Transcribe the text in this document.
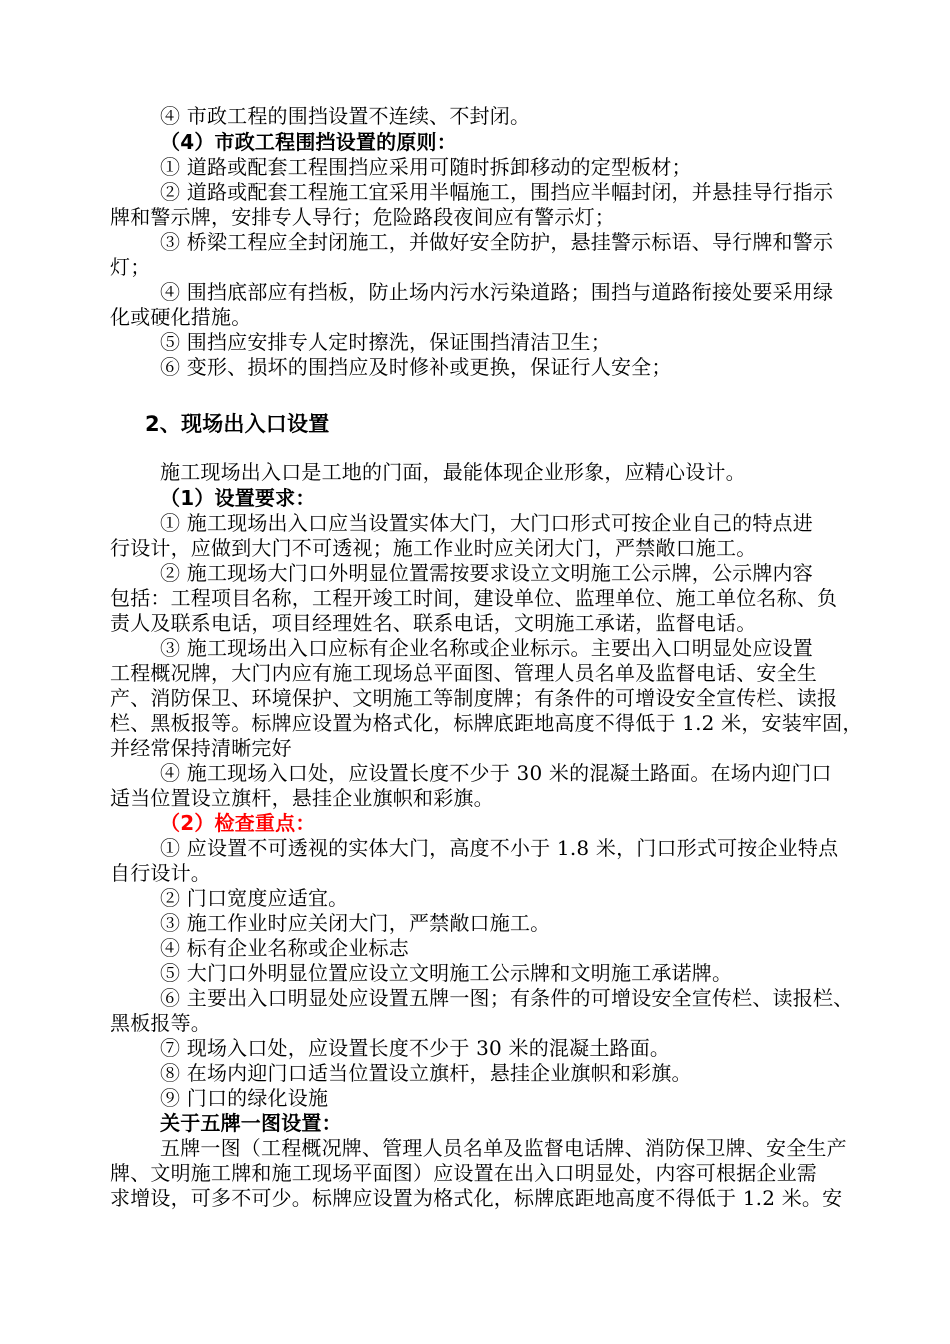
④ 市政工程的围挡设置不连续、不封闭。
（4）市政工程围挡设置的原则：
① 道路或配套工程围挡应采用可随时拆卸移动的定型板材；
② 道路或配套工程施工宜采用半幅施工，围挡应半幅封闭，并悬挂导行指示
牌和警示牌，安排专人导行；危险路段夜间应有警示灯；
③ 桥梁工程应全封闭施工，并做好安全防护，悬挂警示标语、导行牌和警示
灯；
④ 围挡底部应有挡板，防止场内污水污染道路；围挡与道路衔接处要采用绿
化或硬化措施。
⑤ 围挡应安排专人定时擦洗，保证围挡清洁卫生；
⑥ 变形、损坏的围挡应及时修补或更换，保证行人安全；
2、现场出入口设置
施工现场出入口是工地的门面，最能体现企业形象，应精心设计。
（1）设置要求：
① 施工现场出入口应当设置实体大门，大门口形式可按企业自己的特点进
行设计，应做到大门不可透视；施工作业时应关闭大门，严禁敞口施工。
② 施工现场大门口外明显位置需按要求设立文明施工公示牌，公示牌内容
包括：工程项目名称，工程开竣工时间，建设单位、监理单位、施工单位名称、负
责人及联系电话，项目经理姓名、联系电话，文明施工承诺，监督电话。
③ 施工现场出入口应标有企业名称或企业标示。主要出入口明显处应设置
工程概况牌，大门内应有施工现场总平面图、管理人员名单及监督电话、安全生
产、消防保卫、环境保护、文明施工等制度牌；有条件的可增设安全宣传栏、读报
栏、黑板报等。标牌应设置为格式化，标牌底距地高度不得低于 1.2 米，安装牢固，
并经常保持清晰完好
④ 施工现场入口处，应设置长度不少于 30 米的混凝土路面。在场内迎门口
适当位置设立旗杆，悬挂企业旗帜和彩旗。
（2）检查重点：
① 应设置不可透视的实体大门，高度不小于 1.8 米，门口形式可按企业特点
自行设计。
② 门口宽度应适宜。
③ 施工作业时应关闭大门，严禁敞口施工。
④ 标有企业名称或企业标志
⑤ 大门口外明显位置应设立文明施工公示牌和文明施工承诺牌。
⑥ 主要出入口明显处应设置五牌一图；有条件的可增设安全宣传栏、读报栏、
黑板报等。
⑦ 现场入口处，应设置长度不少于 30 米的混凝土路面。
⑧ 在场内迎门口适当位置设立旗杆，悬挂企业旗帜和彩旗。
⑨ 门口的绿化设施
关于五牌一图设置：
五牌一图（工程概况牌、管理人员名单及监督电话牌、消防保卫牌、安全生产
牌、文明施工牌和施工现场平面图）应设置在出入口明显处，内容可根据企业需
求增设，可多不可少。标牌应设置为格式化，标牌底距地高度不得低于 1.2 米。安
